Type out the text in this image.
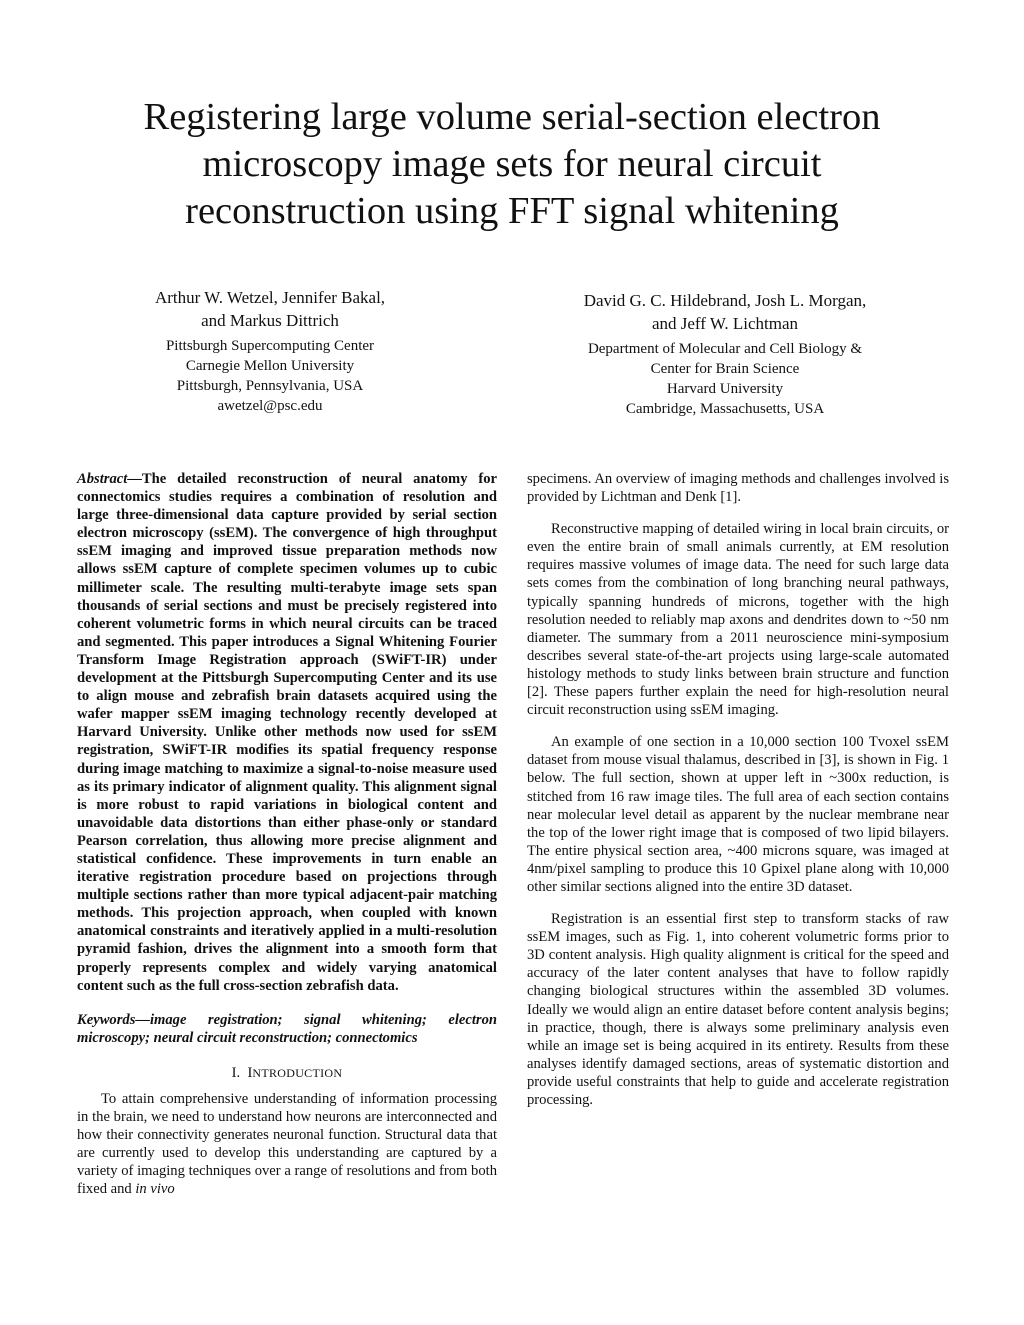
Registering large volume serial-section electron
microscopy image sets for neural circuit
reconstruction using FFT signal whitening
Arthur W. Wetzel, Jennifer Bakal,
and Markus Dittrich
Pittsburgh Supercomputing Center
Carnegie Mellon University
Pittsburgh, Pennsylvania, USA
awetzel@psc.edu
David G. C. Hildebrand, Josh L. Morgan,
and Jeff W. Lichtman
Department of Molecular and Cell Biology &
Center for Brain Science
Harvard University
Cambridge, Massachusetts, USA

Abstract—The detailed reconstruction of neural anatomy for connectomics studies requires a combination of resolution and large three-dimensional data capture provided by serial section electron microscopy (ssEM). The convergence of high throughput ssEM imaging and improved tissue preparation methods now allows ssEM capture of complete specimen volumes up to cubic millimeter scale. The resulting multi-terabyte image sets span thousands of serial sections and must be precisely registered into coherent volumetric forms in which neural circuits can be traced and segmented. This paper introduces a Signal Whitening Fourier Transform Image Registration approach (SWiFT-IR) under development at the Pittsburgh Supercomputing Center and its use to align mouse and zebrafish brain datasets acquired using the wafer mapper ssEM imaging technology recently developed at Harvard University. Unlike other methods now used for ssEM registration, SWiFT-IR modifies its spatial frequency response during image matching to maximize a signal-to-noise measure used as its primary indicator of alignment quality. This alignment signal is more robust to rapid variations in biological content and unavoidable data distortions than either phase-only or standard Pearson correlation, thus allowing more precise alignment and statistical confidence. These improvements in turn enable an iterative registration procedure based on projections through multiple sections rather than more typical adjacent-pair matching methods. This projection approach, when coupled with known anatomical constraints and iteratively applied in a multi-resolution pyramid fashion, drives the alignment into a smooth form that properly represents complex and widely varying anatomical content such as the full cross-section zebrafish data.

Keywords—image registration; signal whitening; electron microscopy; neural circuit reconstruction; connectomics

I. INTRODUCTION

To attain comprehensive understanding of information processing in the brain, we need to understand how neurons are interconnected and how their connectivity generates neuronal function. Structural data that are currently used to develop this understanding are captured by a variety of imaging techniques over a range of resolutions and from both fixed and in vivo

specimens. An overview of imaging methods and challenges involved is provided by Lichtman and Denk [1].

Reconstructive mapping of detailed wiring in local brain circuits, or even the entire brain of small animals currently, at EM resolution requires massive volumes of image data. The need for such large data sets comes from the combination of long branching neural pathways, typically spanning hundreds of microns, together with the high resolution needed to reliably map axons and dendrites down to ~50 nm diameter. The summary from a 2011 neuroscience mini-symposium describes several state-of-the-art projects using large-scale automated histology methods to study links between brain structure and function [2]. These papers further explain the need for high-resolution neural circuit reconstruction using ssEM imaging.

An example of one section in a 10,000 section 100 Tvoxel ssEM dataset from mouse visual thalamus, described in [3], is shown in Fig. 1 below. The full section, shown at upper left in ~300x reduction, is stitched from 16 raw image tiles. The full area of each section contains near molecular level detail as apparent by the nuclear membrane near the top of the lower right image that is composed of two lipid bilayers. The entire physical section area, ~400 microns square, was imaged at 4nm/pixel sampling to produce this 10 Gpixel plane along with 10,000 other similar sections aligned into the entire 3D dataset.

Registration is an essential first step to transform stacks of raw ssEM images, such as Fig. 1, into coherent volumetric forms prior to 3D content analysis. High quality alignment is critical for the speed and accuracy of the later content analyses that have to follow rapidly changing biological structures within the assembled 3D volumes. Ideally we would align an entire dataset before content analysis begins; in practice, though, there is always some preliminary analysis even while an image set is being acquired in its entirety. Results from these analyses identify damaged sections, areas of systematic distortion and provide useful constraints that help to guide and accelerate registration processing.
